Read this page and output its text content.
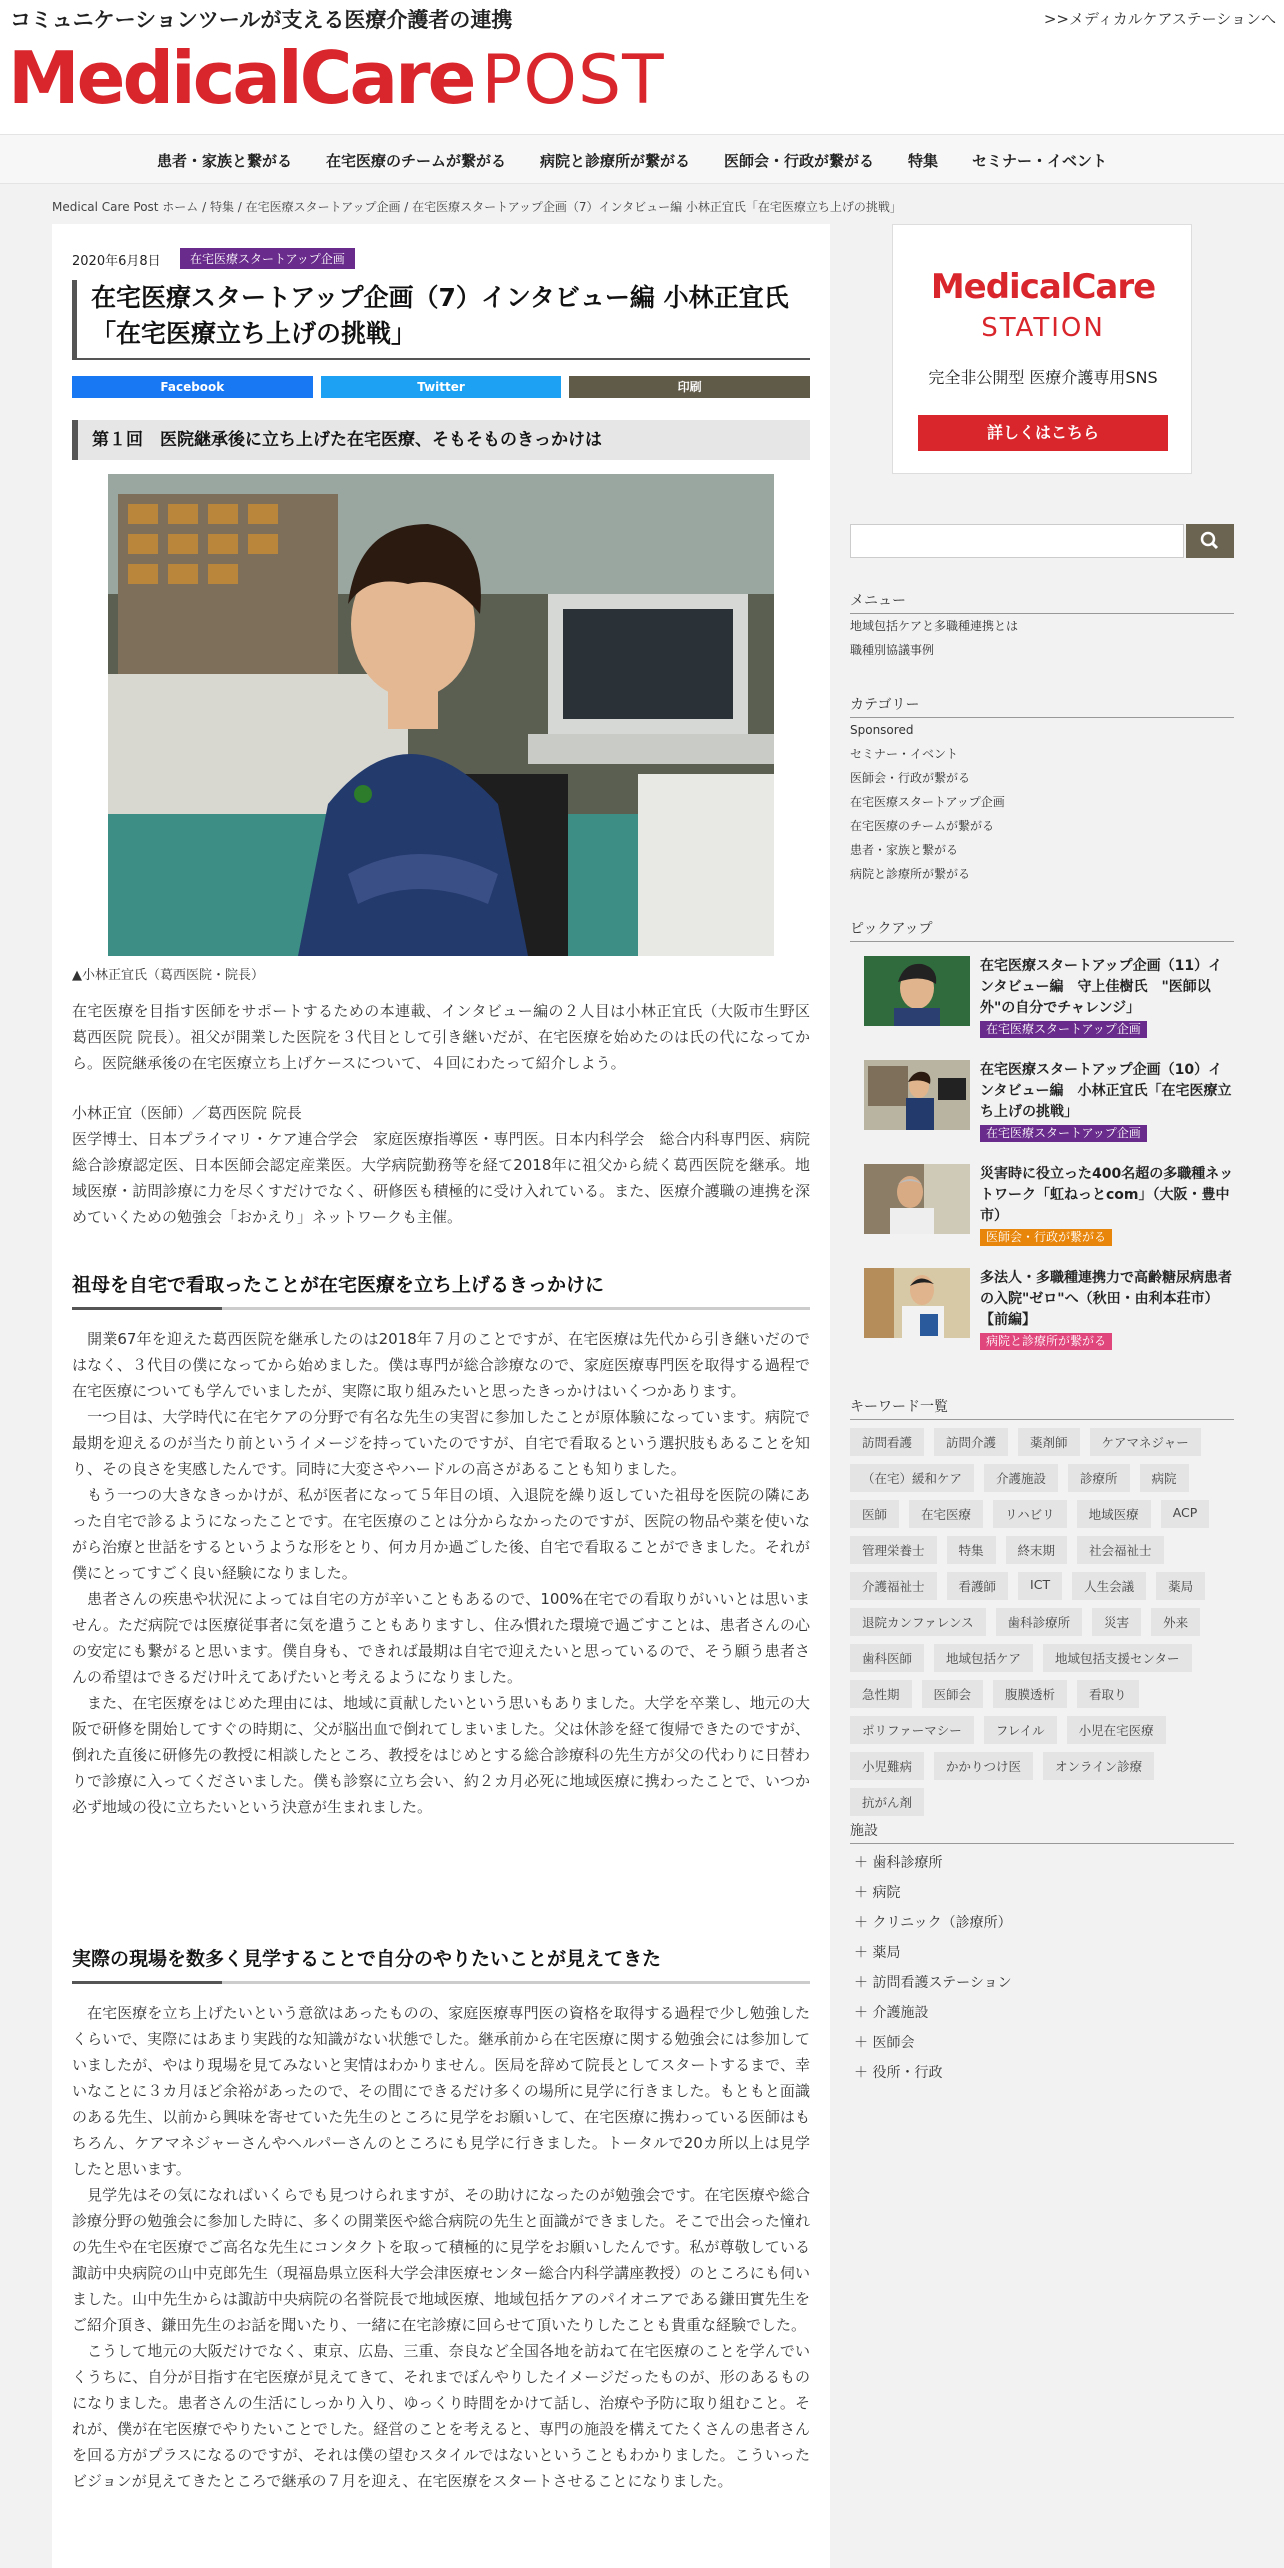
コミュニケーションツールが支える医療介護者の連携	>>メディカルケアステーションへ
MedicalCare POST
患者・家族と繋がる	在宅医療のチームが繋がる	病院と診療所が繋がる	医師会・行政が繋がる	特集	セミナー・イベント
Medical Care Post ホーム / 特集 / 在宅医療スタートアップ企画 / 在宅医療スタートアップ企画（7）インタビュー編 小林正宜氏「在宅医療立ち上げの挑戦」
2020年6月8日	在宅医療スタートアップ企画
在宅医療スタートアップ企画（7）インタビュー編 小林正宜氏「在宅医療立ち上げの挑戦」
Facebook	Twitter	印刷
第１回　医院継承後に立ち上げた在宅医療、そもそものきっかけは
▲小林正宜氏（葛西医院・院長）

在宅医療を目指す医師をサポートするための本連載、インタビュー編の２人目は小林正宜氏（大阪市生野区 葛西医院 院長）。祖父が開業した医院を３代目として引き継いだが、在宅医療を始めたのは氏の代になってから。医院継承後の在宅医療立ち上げケースについて、４回にわたって紹介しよう。

小林正宜（医師）／葛西医院 院長
医学博士、日本プライマリ・ケア連合学会　家庭医療指導医・専門医。日本内科学会　総合内科専門医、病院総合診療認定医、日本医師会認定産業医。大学病院勤務等を経て2018年に祖父から続く葛西医院を継承。地域医療・訪問診療に力を尽くすだけでなく、研修医も積極的に受け入れている。また、医療介護職の連携を深めていくための勉強会「おかえり」ネットワークも主催。

祖母を自宅で看取ったことが在宅医療を立ち上げるきっかけに

　開業67年を迎えた葛西医院を継承したのは2018年７月のことですが、在宅医療は先代から引き継いだのではなく、３代目の僕になってから始めました。僕は専門が総合診療なので、家庭医療専門医を取得する過程で在宅医療についても学んでいましたが、実際に取り組みたいと思ったきっかけはいくつかあります。
　一つ目は、大学時代に在宅ケアの分野で有名な先生の実習に参加したことが原体験になっています。病院で最期を迎えるのが当たり前というイメージを持っていたのですが、自宅で看取るという選択肢もあることを知り、その良さを実感したんです。同時に大変さやハードルの高さがあることも知りました。
　もう一つの大きなきっかけが、私が医者になって５年目の頃、入退院を繰り返していた祖母を医院の隣にあった自宅で診るようになったことです。在宅医療のことは分からなかったのですが、医院の物品や薬を使いながら治療と世話をするというような形をとり、何カ月か過ごした後、自宅で看取ることができました。それが僕にとってすごく良い経験になりました。
　患者さんの疾患や状況によっては自宅の方が辛いこともあるので、100%在宅での看取りがいいとは思いません。ただ病院では医療従事者に気を遣うこともありますし、住み慣れた環境で過ごすことは、患者さんの心の安定にも繋がると思います。僕自身も、できれば最期は自宅で迎えたいと思っているので、そう願う患者さんの希望はできるだけ叶えてあげたいと考えるようになりました。
　また、在宅医療をはじめた理由には、地域に貢献したいという思いもありました。大学を卒業し、地元の大阪で研修を開始してすぐの時期に、父が脳出血で倒れてしまいました。父は休診を経て復帰できたのですが、倒れた直後に研修先の教授に相談したところ、教授をはじめとする総合診療科の先生方が父の代わりに日替わりで診療に入ってくださいました。僕も診察に立ち会い、約２カ月必死に地域医療に携わったことで、いつか必ず地域の役に立ちたいという決意が生まれました。

実際の現場を数多く見学することで自分のやりたいことが見えてきた

　在宅医療を立ち上げたいという意欲はあったものの、家庭医療専門医の資格を取得する過程で少し勉強したくらいで、実際にはあまり実践的な知識がない状態でした。継承前から在宅医療に関する勉強会には参加していましたが、やはり現場を見てみないと実情はわかりません。医局を辞めて院長としてスタートするまで、幸いなことに３カ月ほど余裕があったので、その間にできるだけ多くの場所に見学に行きました。もともと面識のある先生、以前から興味を寄せていた先生のところに見学をお願いして、在宅医療に携わっている医師はもちろん、ケアマネジャーさんやヘルパーさんのところにも見学に行きました。トータルで20カ所以上は見学したと思います。
　見学先はその気になればいくらでも見つけられますが、その助けになったのが勉強会です。在宅医療や総合診療分野の勉強会に参加した時に、多くの開業医や総合病院の先生と面識ができました。そこで出会った憧れの先生や在宅医療でご高名な先生にコンタクトを取って積極的に見学をお願いしたんです。私が尊敬している諏訪中央病院の山中克郎先生（現福島県立医科大学会津医療センター総合内科学講座教授）のところにも伺いました。山中先生からは諏訪中央病院の名誉院長で地域医療、地域包括ケアのパイオニアである鎌田實先生をご紹介頂き、鎌田先生のお話を聞いたり、一緒に在宅診療に回らせて頂いたりしたことも貴重な経験でした。
　こうして地元の大阪だけでなく、東京、広島、三重、奈良など全国各地を訪ねて在宅医療のことを学んでいくうちに、自分が目指す在宅医療が見えてきて、それまでぼんやりしたイメージだったものが、形のあるものになりました。患者さんの生活にしっかり入り、ゆっくり時間をかけて話し、治療や予防に取り組むこと。それが、僕が在宅医療でやりたいことでした。経営のことを考えると、専門の施設を構えてたくさんの患者さんを回る方がプラスになるのですが、それは僕の望むスタイルではないということもわかりました。こういったビジョンが見えてきたところで継承の７月を迎え、在宅医療をスタートさせることになりました。

MedicalCare
STATION
完全非公開型 医療介護専用SNS
詳しくはこちら
メニュー
地域包括ケアと多職種連携とは
職種別協議事例
カテゴリー
Sponsored
セミナー・イベント
医師会・行政が繋がる
在宅医療スタートアップ企画
在宅医療のチームが繋がる
患者・家族と繋がる
病院と診療所が繋がる
ピックアップ
在宅医療スタートアップ企画（11）インタビュー編　守上佳樹氏　"医師以外"の自分でチャレンジ」
在宅医療スタートアップ企画
在宅医療スタートアップ企画（10）インタビュー編　小林正宜氏「在宅医療立ち上げの挑戦」
在宅医療スタートアップ企画
災害時に役立った400名超の多職種ネットワーク「虹ねっとcom」（大阪・豊中市）
医師会・行政が繋がる
多法人・多職種連携力で高齢糖尿病患者の入院"ゼロ"へ（秋田・由利本荘市）【前編】
病院と診療所が繋がる
キーワード一覧
訪問看護	訪問介護	薬剤師	ケアマネジャー
（在宅）緩和ケア	介護施設	診療所	病院
医師	在宅医療	リハビリ	地域医療	ACP
管理栄養士	特集	終末期	社会福祉士
介護福祉士	看護師	ICT	人生会議	薬局
退院カンファレンス	歯科診療所	災害	外来
歯科医師	地域包括ケア	地域包括支援センター
急性期	医師会	腹膜透析	看取り
ポリファーマシー	フレイル	小児在宅医療
小児難病	かかりつけ医	オンライン診療
抗がん剤
施設
＋ 歯科診療所
＋ 病院
＋ クリニック（診療所）
＋ 薬局
＋ 訪問看護ステーション
＋ 介護施設
＋ 医師会
＋ 役所・行政
